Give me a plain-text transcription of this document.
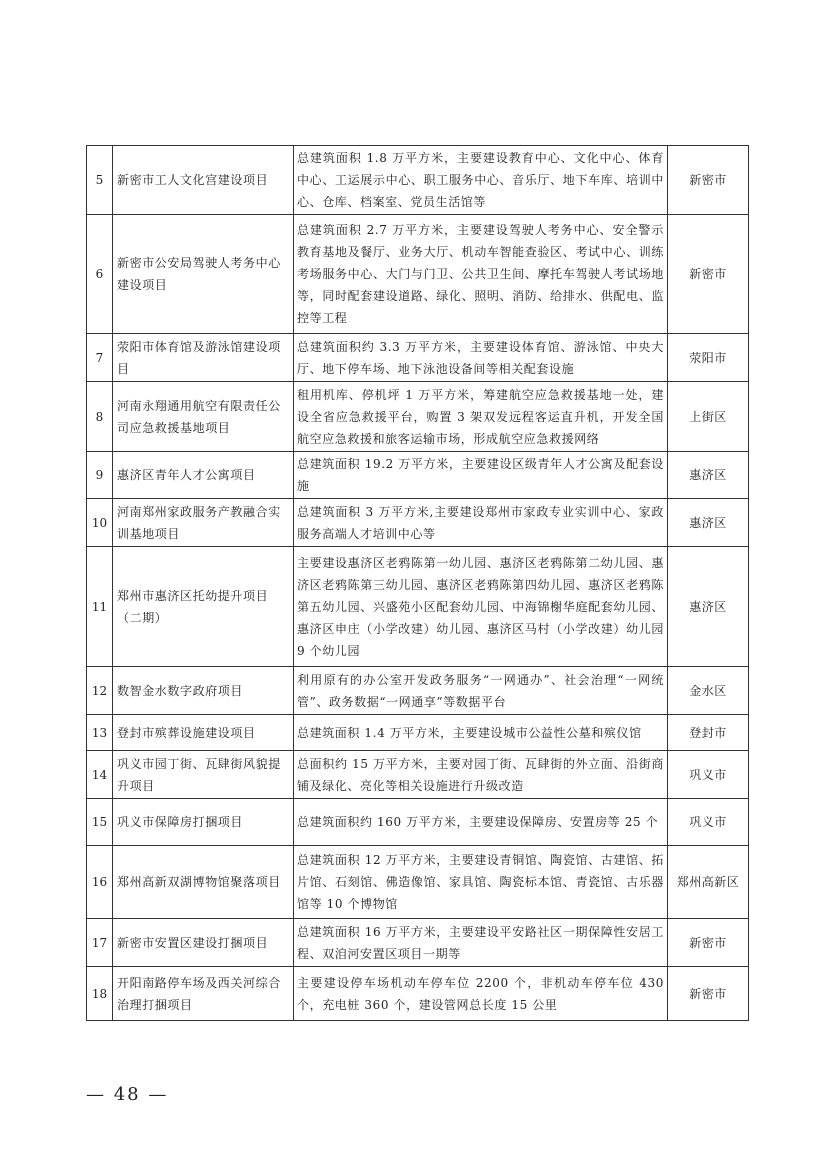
5	新密市工人文化宫建设项目	总建筑面积 1.8 万平方米，主要建设教育中心、文化中心、体育中心、工运展示中心、职工服务中心、音乐厅、地下车库、培训中心、仓库、档案室、党员生活馆等	新密市
6	新密市公安局驾驶人考务中心建设项目	总建筑面积 2.7 万平方米，主要建设驾驶人考务中心、安全警示教育基地及餐厅、业务大厅、机动车智能查验区、考试中心、训练考场服务中心、大门与门卫、公共卫生间、摩托车驾驶人考试场地等，同时配套建设道路、绿化、照明、消防、给排水、供配电、监控等工程	新密市
7	荥阳市体育馆及游泳馆建设项目	总建筑面积约 3.3 万平方米，主要建设体育馆、游泳馆、中央大厅、地下停车场、地下泳池设备间等相关配套设施	荥阳市
8	河南永翔通用航空有限责任公司应急救援基地项目	租用机库、停机坪 1 万平方米，筹建航空应急救援基地一处，建设全省应急救援平台，购置 3 架双发远程客运直升机，开发全国航空应急救援和旅客运输市场，形成航空应急救援网络	上街区
9	惠济区青年人才公寓项目	总建筑面积 19.2 万平方米，主要建设区级青年人才公寓及配套设施	惠济区
10	河南郑州家政服务产教融合实训基地项目	总建筑面积 3 万平方米,主要建设郑州市家政专业实训中心、家政服务高端人才培训中心等	惠济区
11	郑州市惠济区托幼提升项目（二期）	主要建设惠济区老鸦陈第一幼儿园、惠济区老鸦陈第二幼儿园、惠济区老鸦陈第三幼儿园、惠济区老鸦陈第四幼儿园、惠济区老鸦陈第五幼儿园、兴盛苑小区配套幼儿园、中海锦榭华庭配套幼儿园、惠济区申庄（小学改建）幼儿园、惠济区马村（小学改建）幼儿园 9 个幼儿园	惠济区
12	数智金水数字政府项目	利用原有的办公室开发政务服务“一网通办”、社会治理“一网统管”、政务数据“一网通享”等数据平台	金水区
13	登封市殡葬设施建设项目	总建筑面积 1.4 万平方米，主要建设城市公益性公墓和殡仪馆	登封市
14	巩义市园丁街、瓦肆街风貌提升项目	总面积约 15 万平方米，主要对园丁街、瓦肆街的外立面、沿街商铺及绿化、亮化等相关设施进行升级改造	巩义市
15	巩义市保障房打捆项目	总建筑面积约 160 万平方米，主要建设保障房、安置房等 25 个	巩义市
16	郑州高新双湖博物馆聚落项目	总建筑面积 12 万平方米，主要建设青铜馆、陶瓷馆、古建馆、拓片馆、石刻馆、佛造像馆、家具馆、陶瓷标本馆、青瓷馆、古乐器馆等 10 个博物馆	郑州高新区
17	新密市安置区建设打捆项目	总建筑面积 16 万平方米，主要建设平安路社区一期保障性安居工程、双洎河安置区项目一期等	新密市
18	开阳南路停车场及西关河综合治理打捆项目	主要建设停车场机动车停车位 2200 个，非机动车停车位 430 个，充电桩 360 个，建设管网总长度 15 公里	新密市
— 48 —
